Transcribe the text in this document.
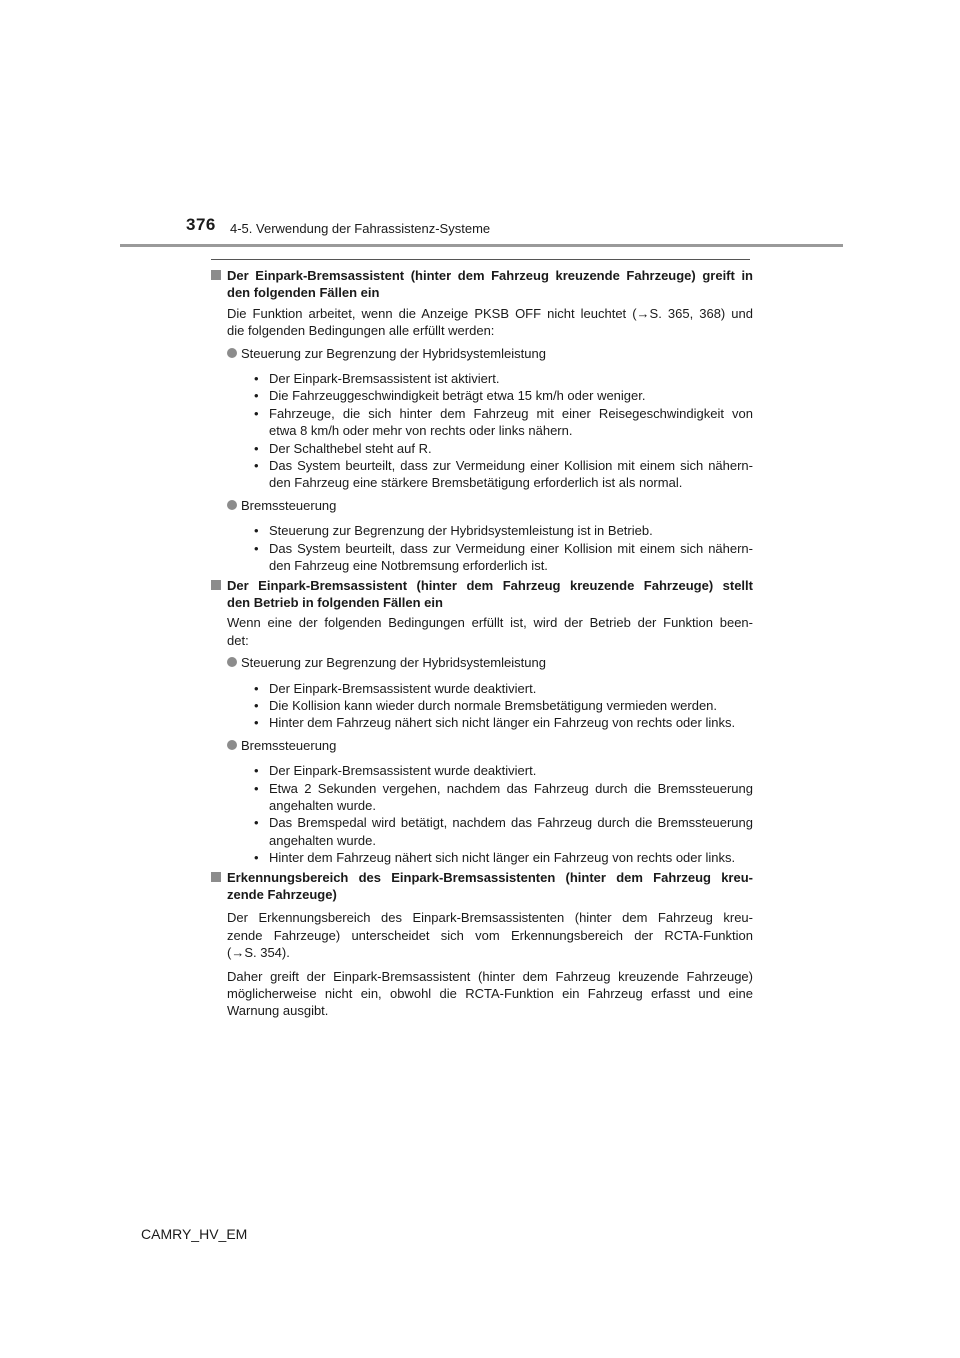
376 4-5. Verwendung der Fahrassistenz-Systeme
Der Einpark-Bremsassistent (hinter dem Fahrzeug kreuzende Fahrzeuge) greift in
den folgenden Fällen ein
Die Funktion arbeitet, wenn die Anzeige PKSB OFF nicht leuchtet (→S. 365, 368) und
die folgenden Bedingungen alle erfüllt werden:
Steuerung zur Begrenzung der Hybridsystemleistung
• Der Einpark-Bremsassistent ist aktiviert.
• Die Fahrzeuggeschwindigkeit beträgt etwa 15 km/h oder weniger.
• Fahrzeuge, die sich hinter dem Fahrzeug mit einer Reisegeschwindigkeit von
etwa 8 km/h oder mehr von rechts oder links nähern.
• Der Schalthebel steht auf R.
• Das System beurteilt, dass zur Vermeidung einer Kollision mit einem sich nähern-
den Fahrzeug eine stärkere Bremsbetätigung erforderlich ist als normal.
Bremssteuerung
• Steuerung zur Begrenzung der Hybridsystemleistung ist in Betrieb.
• Das System beurteilt, dass zur Vermeidung einer Kollision mit einem sich nähern-
den Fahrzeug eine Notbremsung erforderlich ist.
Der Einpark-Bremsassistent (hinter dem Fahrzeug kreuzende Fahrzeuge) stellt
den Betrieb in folgenden Fällen ein
Wenn eine der folgenden Bedingungen erfüllt ist, wird der Betrieb der Funktion been-
det:
Steuerung zur Begrenzung der Hybridsystemleistung
• Der Einpark-Bremsassistent wurde deaktiviert.
• Die Kollision kann wieder durch normale Bremsbetätigung vermieden werden.
• Hinter dem Fahrzeug nähert sich nicht länger ein Fahrzeug von rechts oder links.
Bremssteuerung
• Der Einpark-Bremsassistent wurde deaktiviert.
• Etwa 2 Sekunden vergehen, nachdem das Fahrzeug durch die Bremssteuerung
angehalten wurde.
• Das Bremspedal wird betätigt, nachdem das Fahrzeug durch die Bremssteuerung
angehalten wurde.
• Hinter dem Fahrzeug nähert sich nicht länger ein Fahrzeug von rechts oder links.
Erkennungsbereich des Einpark-Bremsassistenten (hinter dem Fahrzeug kreu-
zende Fahrzeuge)
Der Erkennungsbereich des Einpark-Bremsassistenten (hinter dem Fahrzeug kreu-
zende Fahrzeuge) unterscheidet sich vom Erkennungsbereich der RCTA-Funktion
(→S. 354).
Daher greift der Einpark-Bremsassistent (hinter dem Fahrzeug kreuzende Fahrzeuge)
möglicherweise nicht ein, obwohl die RCTA-Funktion ein Fahrzeug erfasst und eine
Warnung ausgibt.
CAMRY_HV_EM
